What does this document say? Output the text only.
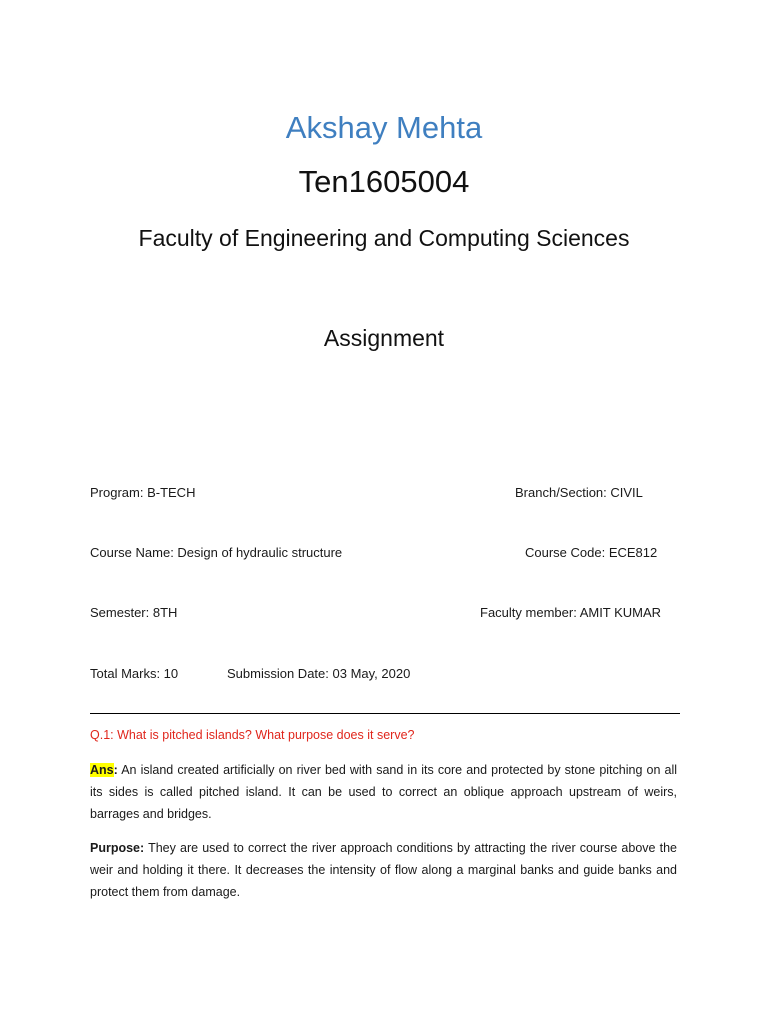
Akshay Mehta
Ten1605004
Faculty of Engineering and Computing Sciences
Assignment
Program: B-TECH	Branch/Section: CIVIL
Course Name: Design of hydraulic structure	Course Code: ECE812
Semester: 8TH	Faculty member: AMIT KUMAR
Total Marks: 10	Submission Date: 03 May, 2020
Q.1: What is pitched islands? What purpose does it serve?
Ans: An island created artificially on river bed with sand in its core and protected by stone pitching on all its sides is called pitched island. It can be used to correct an oblique approach upstream of weirs, barrages and bridges.
Purpose: They are used to correct the river approach conditions by attracting the river course above the weir and holding it there. It decreases the intensity of flow along a marginal banks and guide banks and protect them from damage.
